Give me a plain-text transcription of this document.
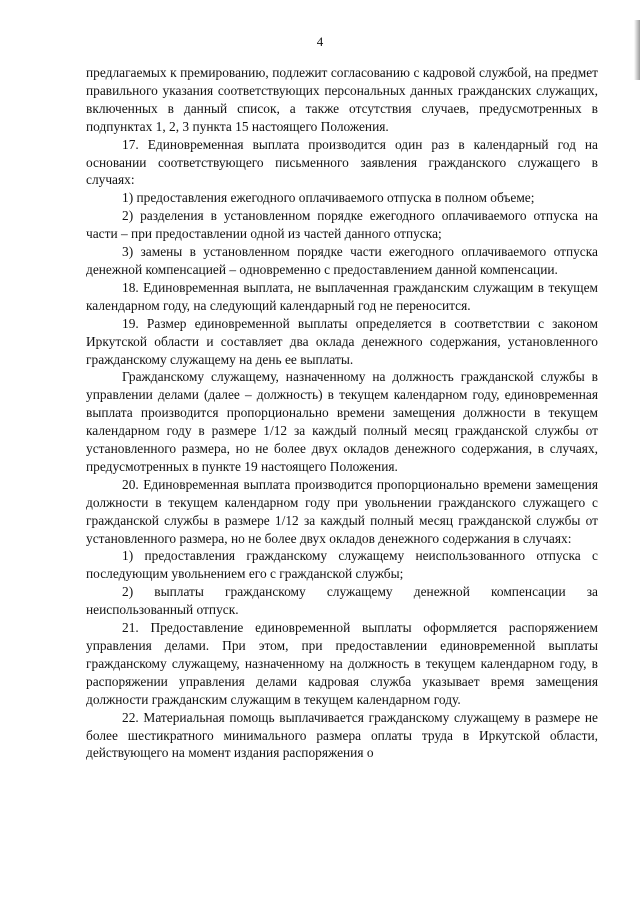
4

предлагаемых к премированию, подлежит согласованию с кадровой службой, на предмет правильного указания соответствующих персональных данных гражданских служащих, включенных в данный список, а также отсутствия случаев, предусмотренных в подпунктах 1, 2, 3 пункта 15 настоящего Положения.

17. Единовременная выплата производится один раз в календарный год на основании соответствующего письменного заявления гражданского служащего в случаях:

1) предоставления ежегодного оплачиваемого отпуска в полном объеме;

2) разделения в установленном порядке ежегодного оплачиваемого отпуска на части – при предоставлении одной из частей данного отпуска;

3) замены в установленном порядке части ежегодного оплачиваемого отпуска денежной компенсацией – одновременно с предоставлением данной компенсации.

18. Единовременная выплата, не выплаченная гражданским служащим в текущем календарном году, на следующий календарный год не переносится.

19. Размер единовременной выплаты определяется в соответствии с законом Иркутской области и составляет два оклада денежного содержания, установленного гражданскому служащему на день ее выплаты.

Гражданскому служащему, назначенному на должность гражданской службы в управлении делами (далее – должность) в текущем календарном году, единовременная выплата производится пропорционально времени замещения должности в текущем календарном году в размере 1/12 за каждый полный месяц гражданской службы от установленного размера, но не более двух окладов денежного содержания, в случаях, предусмотренных в пункте 19 настоящего Положения.

20. Единовременная выплата производится пропорционально времени замещения должности в текущем календарном году при увольнении гражданского служащего с гражданской службы в размере 1/12 за каждый полный месяц гражданской службы от установленного размера, но не более двух окладов денежного содержания в случаях:

1) предоставления гражданскому служащему неиспользованного отпуска с последующим увольнением его с гражданской службы;

2) выплаты гражданскому служащему денежной компенсации за неиспользованный отпуск.

21. Предоставление единовременной выплаты оформляется распоряжением управления делами. При этом, при предоставлении единовременной выплаты гражданскому служащему, назначенному на должность в текущем календарном году, в распоряжении управления делами кадровая служба указывает время замещения должности гражданским служащим в текущем календарном году.

22. Материальная помощь выплачивается гражданскому служащему в размере не более шестикратного минимального размера оплаты труда в Иркутской области, действующего на момент издания распоряжения о
